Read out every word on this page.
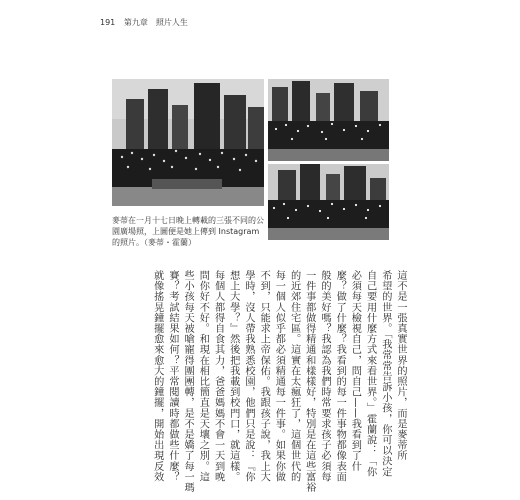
191 第九章　照片人生
麥蒂在一月十七日晚上轉載的三張不同的公園廣場照，上圖便是她上傳到 Instagram 的照片。（麥蒂・霍蘭）

這不是一張真實世界的照片，而是麥蒂所

希望的世界。「我常常告訴小孩，你可以決定

自己要用什麼方式來看世界。」霍蘭說：「你

必須每天檢視自己，問自己——我看到了什

麼？做了什麼？我看到的每一件事物都像表面

般的美好嗎？我認為我們時常要求孩子必須每

一件事都做得精通和樣樣好，特別是在這些富裕

的近郊住宅區。這實在太瘋狂了，這個世代的

每一個人似乎都必須精通每一件事。如果你做

不到，只能求上帝保佑。我跟孩子說，我上大

學時，沒人帶我熟悉校園，他們只是說：『你

想上大學？』然後把我載到校門口，就這樣。

每個人都得自食其力，爸爸媽媽不會一天到晚

問你好不好。和現在相比簡直是天壤之別。這

些小孩每天被嗆寵得團團轉，是不是嬌了每一瑪

賽？考試結果如何？平常閱讀時都做些什麼？

就像搖晃鐘擺愈來愈大的鐘擺，開始出現反效
